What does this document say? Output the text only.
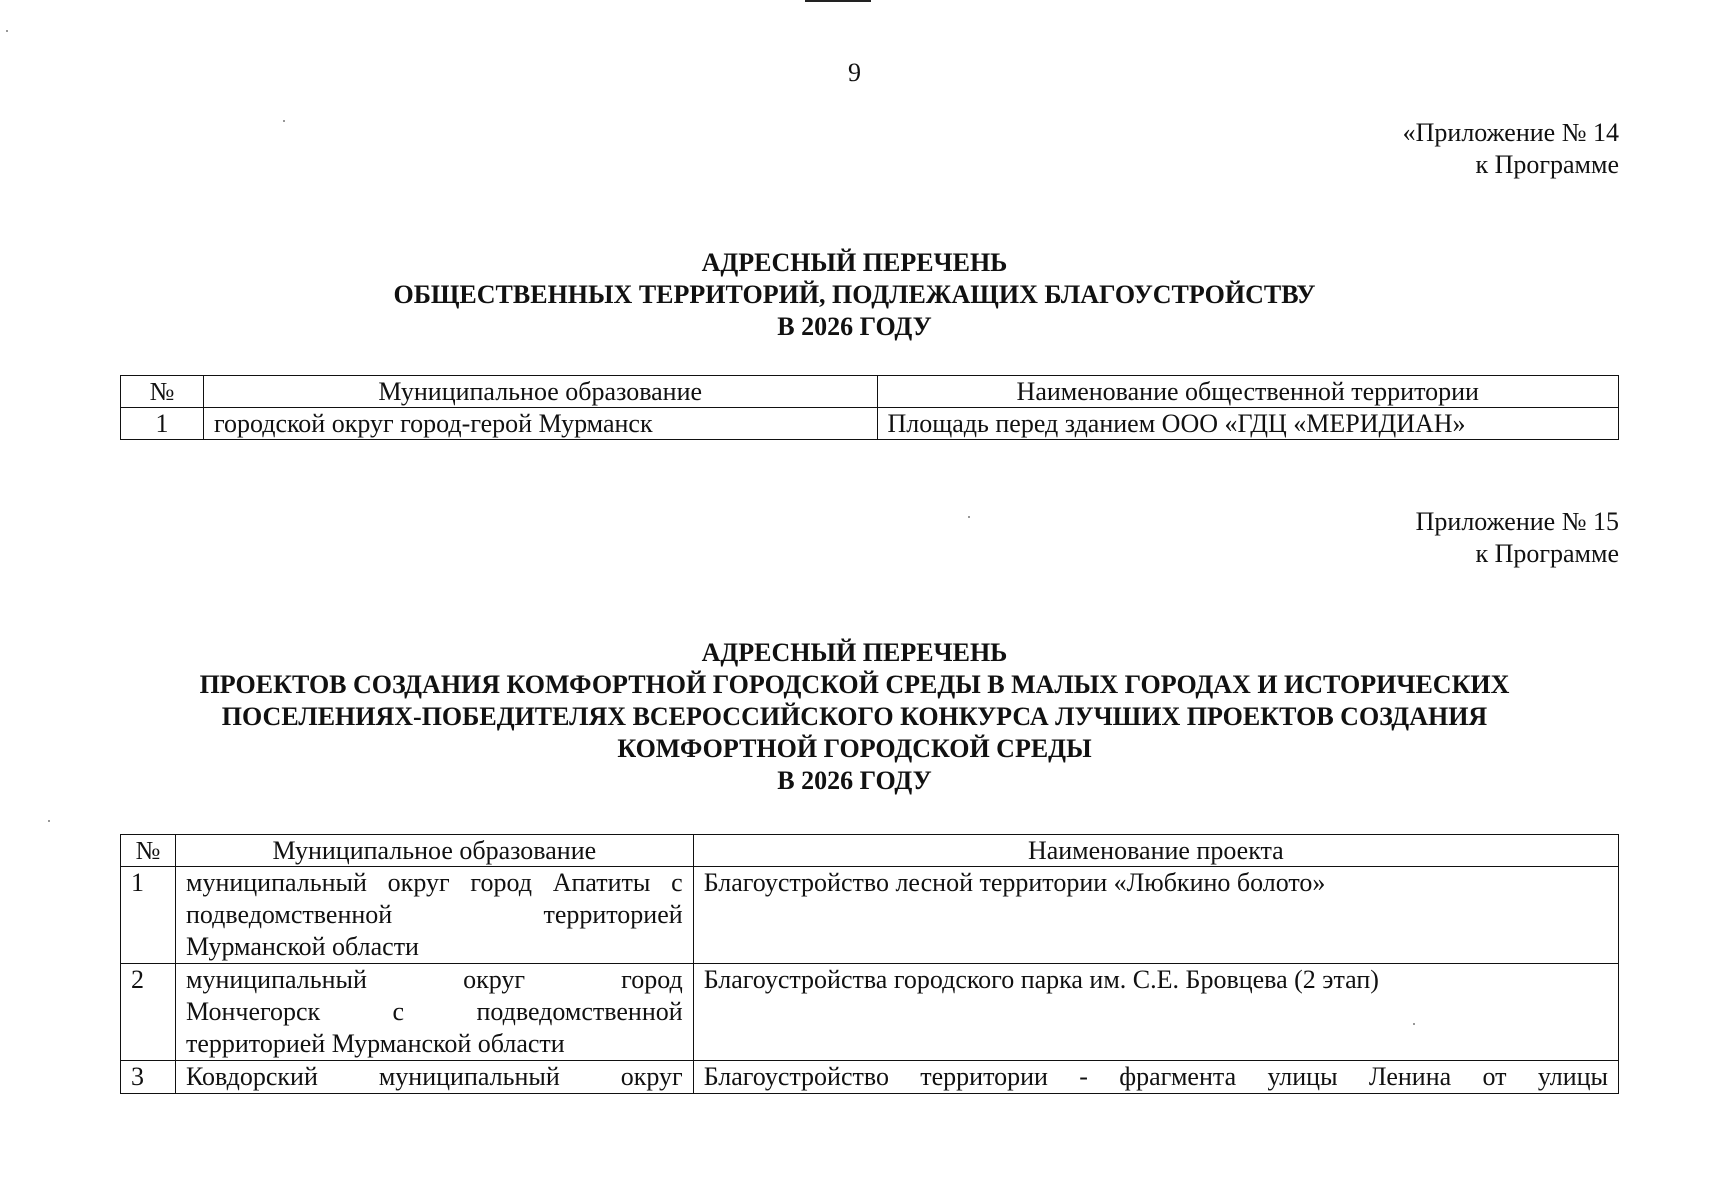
9
«Приложение № 14
к Программе
АДРЕСНЫЙ ПЕРЕЧЕНЬ
ОБЩЕСТВЕННЫХ ТЕРРИТОРИЙ, ПОДЛЕЖАЩИХ БЛАГОУСТРОЙСТВУ
В 2026 ГОДУ
№	Муниципальное образование	Наименование общественной территории
1	городской округ город-герой Мурманск	Площадь перед зданием ООО «ГДЦ «МЕРИДИАН»
Приложение № 15
к Программе
АДРЕСНЫЙ ПЕРЕЧЕНЬ
ПРОЕКТОВ СОЗДАНИЯ КОМФОРТНОЙ ГОРОДСКОЙ СРЕДЫ В МАЛЫХ ГОРОДАХ И ИСТОРИЧЕСКИХ
ПОСЕЛЕНИЯХ-ПОБЕДИТЕЛЯХ ВСЕРОССИЙСКОГО КОНКУРСА ЛУЧШИХ ПРОЕКТОВ СОЗДАНИЯ
КОМФОРТНОЙ ГОРОДСКОЙ СРЕДЫ
В 2026 ГОДУ
№	Муниципальное образование	Наименование проекта
1	муниципальный округ город Апатиты с
подведомственной территорией
Мурманской области	Благоустройство лесной территории «Любкино болото»
2	муниципальный округ город
Мончегорск с подведомственной
территорией Мурманской области	Благоустройства городского парка им. С.Е. Бровцева (2 этап)
3	Ковдорский муниципальный округ	Благоустройство территории - фрагмента улицы Ленина от улицы
